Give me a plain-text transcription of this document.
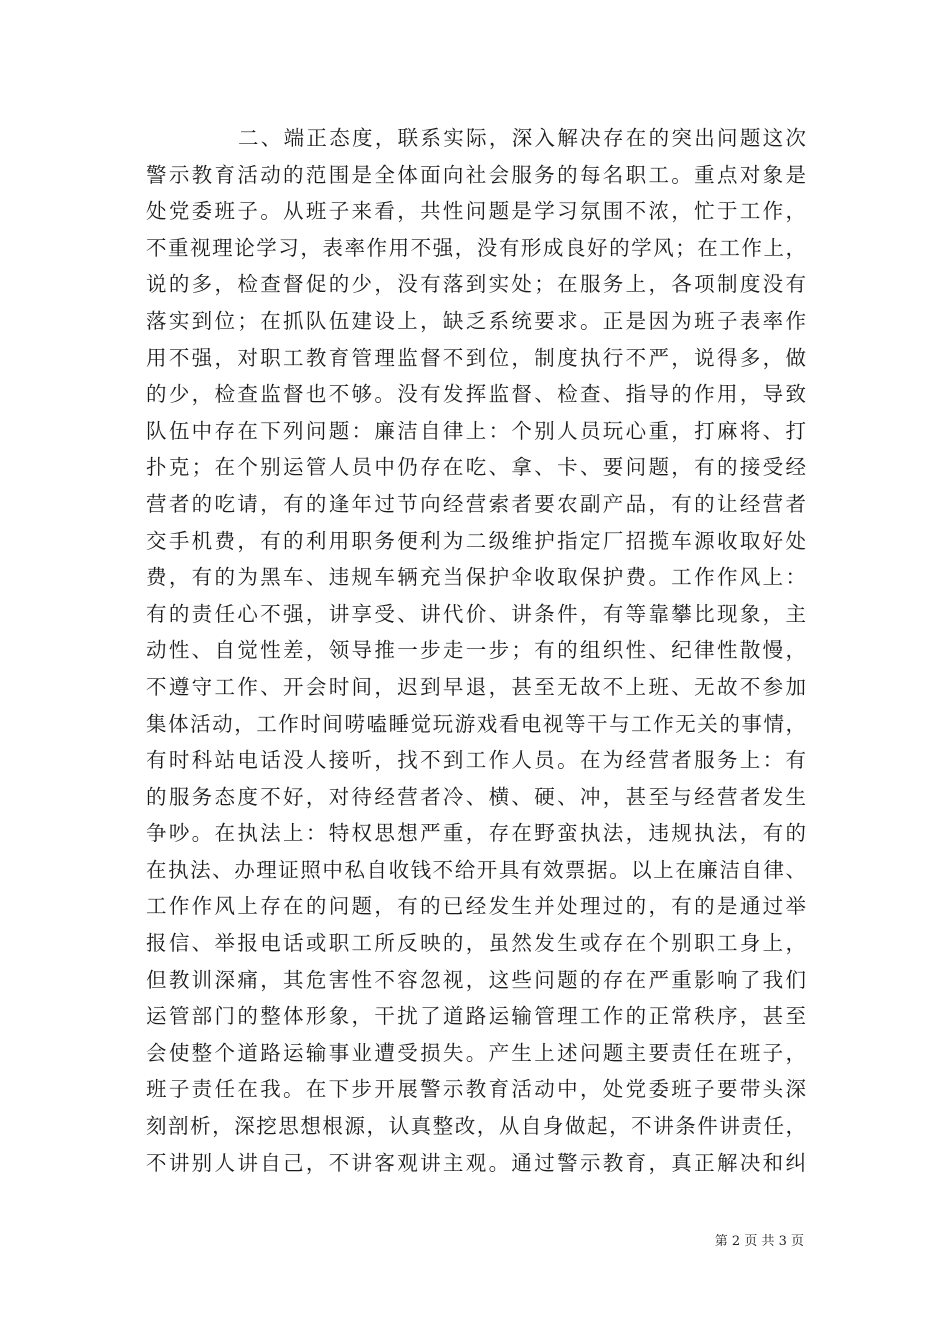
二、端正态度，联系实际，深入解决存在的突出问题这次
警示教育活动的范围是全体面向社会服务的每名职工。重点对象是
处党委班子。从班子来看，共性问题是学习氛围不浓，忙于工作，
不重视理论学习，表率作用不强，没有形成良好的学风；在工作上，
说的多，检查督促的少，没有落到实处；在服务上，各项制度没有
落实到位；在抓队伍建设上，缺乏系统要求。正是因为班子表率作
用不强，对职工教育管理监督不到位，制度执行不严，说得多，做
的少，检查监督也不够。没有发挥监督、检查、指导的作用，导致
队伍中存在下列问题：廉洁自律上：个别人员玩心重，打麻将、打
扑克；在个别运管人员中仍存在吃、拿、卡、要问题，有的接受经
营者的吃请，有的逢年过节向经营索者要农副产品，有的让经营者
交手机费，有的利用职务便利为二级维护指定厂招揽车源收取好处
费，有的为黑车、违规车辆充当保护伞收取保护费。工作作风上：
有的责任心不强，讲享受、讲代价、讲条件，有等靠攀比现象，主
动性、自觉性差，领导推一步走一步；有的组织性、纪律性散慢，
不遵守工作、开会时间，迟到早退，甚至无故不上班、无故不参加
集体活动，工作时间唠嗑睡觉玩游戏看电视等干与工作无关的事情，
有时科站电话没人接听，找不到工作人员。在为经营者服务上：有
的服务态度不好，对待经营者冷、横、硬、冲，甚至与经营者发生
争吵。在执法上：特权思想严重，存在野蛮执法，违规执法，有的
在执法、办理证照中私自收钱不给开具有效票据。以上在廉洁自律、
工作作风上存在的问题，有的已经发生并处理过的，有的是通过举
报信、举报电话或职工所反映的，虽然发生或存在个别职工身上，
但教训深痛，其危害性不容忽视，这些问题的存在严重影响了我们
运管部门的整体形象，干扰了道路运输管理工作的正常秩序，甚至
会使整个道路运输事业遭受损失。产生上述问题主要责任在班子，
班子责任在我。在下步开展警示教育活动中，处党委班子要带头深
刻剖析，深挖思想根源，认真整改，从自身做起，不讲条件讲责任，
不讲别人讲自己，不讲客观讲主观。通过警示教育，真正解决和纠
第 2 页 共 3 页
